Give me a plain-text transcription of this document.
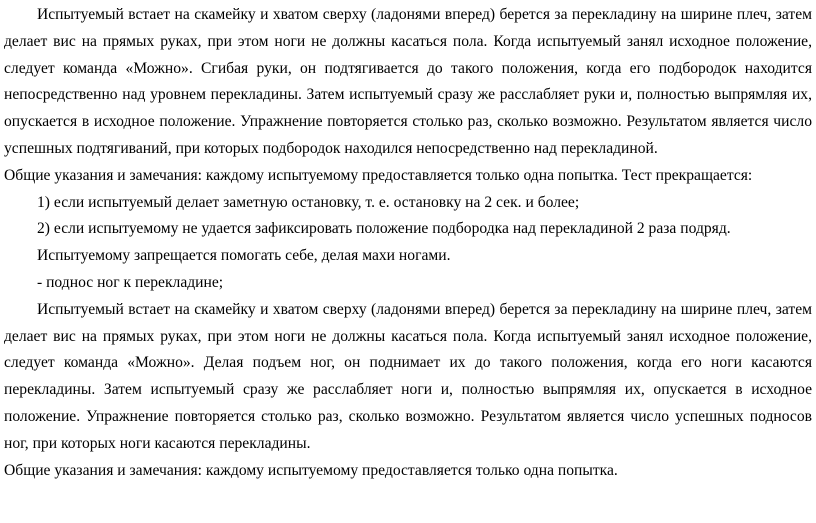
Испытуемый встает на скамейку и хватом сверху (ладонями вперед) берется за перекладину на ширине плеч, затем делает вис на прямых руках, при этом ноги не должны касаться пола. Когда испытуемый занял исходное положение, следует команда «Можно». Сгибая руки, он подтягивается до такого положения, когда его подбородок находится непосредственно над уровнем перекладины. Затем испытуемый сразу же расслабляет руки и, полностью выпрямляя их, опускается в исходное положение. Упражнение повторяется столько раз, сколько возможно. Результатом является число успешных подтягиваний, при которых подбородок находился непосредственно над перекладиной.

Общие указания и замечания: каждому испытуемому предоставляется только одна попытка. Тест прекращается:

1) если испытуемый делает заметную остановку, т. е. остановку на 2 сек. и более;

2) если испытуемому не удается зафиксировать положение подбородка над перекладиной 2 раза подряд.

Испытуемому запрещается помогать себе, делая махи ногами.

- поднос ног к перекладине;

Испытуемый встает на скамейку и хватом сверху (ладонями вперед) берется за перекладину на ширине плеч, затем делает вис на прямых руках, при этом ноги не должны касаться пола. Когда испытуемый занял исходное положение, следует команда «Можно». Делая подъем ног, он поднимает их до такого положения, когда его ноги касаются перекладины. Затем испытуемый сразу же расслабляет ноги и, полностью выпрямляя их, опускается в исходное положение. Упражнение повторяется столько раз, сколько возможно. Результатом является число успешных подносов ног, при которых ноги касаются перекладины.

Общие указания и замечания: каждому испытуемому предоставляется только одна попытка.
